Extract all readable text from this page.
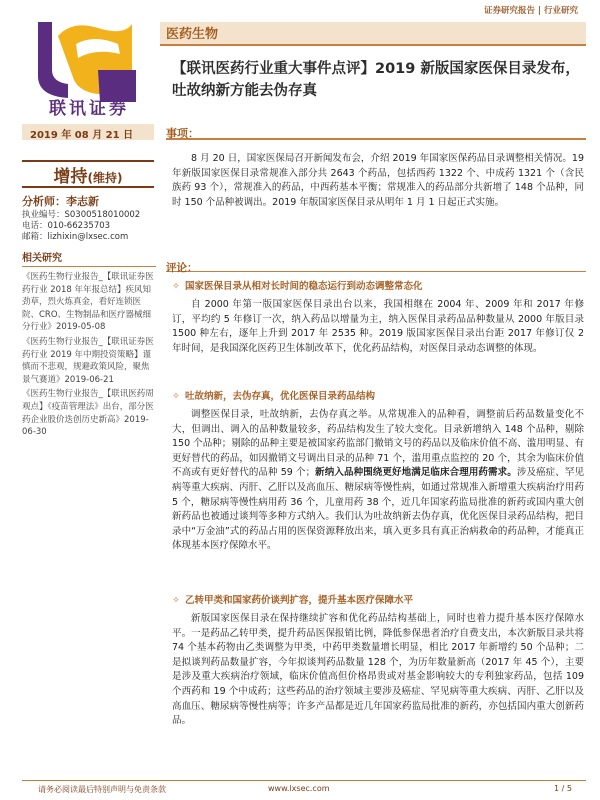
证券研究报告 | 行业研究
联讯证券
医药生物
【联讯医药行业重大事件点评】2019 新版国家医保目录发布，吐故纳新方能去伪存真
2019 年 08 月 21 日	事项：
增持(维持)
分析师：李志新
执业编号：S0300518010002
电话：010-66235703
邮箱：lizhixin@lxsec.com
相关研究
《医药生物行业报告_【联讯证券医药行业 2018 年年报总结】疾风知劲草，烈火炼真金，看好连锁医院、CRO、生物制品和医疗器械细分行业》2019-05-08
《医药生物行业报告_【联讯证券医药行业 2019 年中期投资策略】谨慎而不悲观，规避政策风险，聚焦景气赛道》2019-06-21
《医药生物行业报告_【联讯医药周观点】《疫苗管理法》出台，部分医药企业股价迭创历史新高》2019-06-30

8 月 20 日，国家医保局召开新闻发布会，介绍 2019 年国家医保药品目录调整相关情况。19 年新版国家医保目录常规准入部分共 2643 个药品，包括西药 1322 个、中成药 1321 个（含民族药 93 个），常规准入的药品，中西药基本平衡；常规准入的药品部分共新增了 148 个品种，同时 150 个品种被调出。2019 年版国家医保目录从明年 1 月 1 日起正式实施。

评论：
✧ 国家医保目录从相对长时间的稳态运行到动态调整常态化
自 2000 年第一版国家医保目录出台以来，我国相继在 2004 年、2009 年和 2017 年修订，平均约 5 年修订一次，纳入药品以增量为主，纳入医保目录药品品种数量从 2000 年版目录 1500 种左右，逐年上升到 2017 年 2535 种。2019 版国家医保目录出台距 2017 年修订仅 2 年时间，是我国深化医药卫生体制改革下，优化药品结构，对医保目录动态调整的体现。
✧ 吐故纳新，去伪存真，优化医保目录药品结构
调整医保目录，吐故纳新，去伪存真之举。从常规准入的品种看，调整前后药品数量变化不大，但调出、调入的品种数量较多，药品结构发生了较大变化。目录新增纳入 148 个品种，剔除 150 个品种；剔除的品种主要是被国家药监部门撤销文号的药品以及临床价值不高、滥用明显、有更好替代的药品，如因撤销文号调出目录的品种 71 个，滥用重点监控的 20 个，其余为临床价值不高或有更好替代的品种 59 个；新纳入品种围绕更好地满足临床合理用药需求。涉及癌症、罕见病等重大疾病、丙肝、乙肝以及高血压、糖尿病等慢性病，如通过常规准入新增重大疾病治疗用药 5 个，糖尿病等慢性病用药 36 个，儿童用药 38 个，近几年国家药监局批准的新药或国内重大创新药品也被通过谈判等多种方式纳入。我们认为吐故纳新去伪存真，优化医保目录药品结构，把目录中“万金油”式的药品占用的医保资源释放出来，填入更多具有真正治病救命的药品种，才能真正体现基本医疗保障水平。
✧ 乙转甲类和国家药价谈判扩容，提升基本医疗保障水平
新版国家医保目录在保持继续扩容和优化药品结构基础上，同时也着力提升基本医疗保障水平。一是药品乙转甲类，提升药品医保报销比例，降低参保患者治疗自费支出，本次新版目录共将 74 个基本药物由乙类调整为甲类，中药甲类数量增长明显，相比 2017 年新增约 50 个品种；二是拟谈判药品数量扩容，今年拟谈判药品数量 128 个，为历年数量新高（2017 年 45 个），主要是涉及重大疾病治疗领域，临床价值高但价格昂贵或对基金影响较大的专利独家药品，包括 109 个西药和 19 个中成药；这些药品的治疗领域主要涉及癌症、罕见病等重大疾病、丙肝、乙肝以及高血压、糖尿病等慢性病等；许多产品都是近几年国家药监局批准的新药，亦包括国内重大创新药品。
请务必阅读最后特别声明与免责条款	www.lxsec.com	1 / 5
